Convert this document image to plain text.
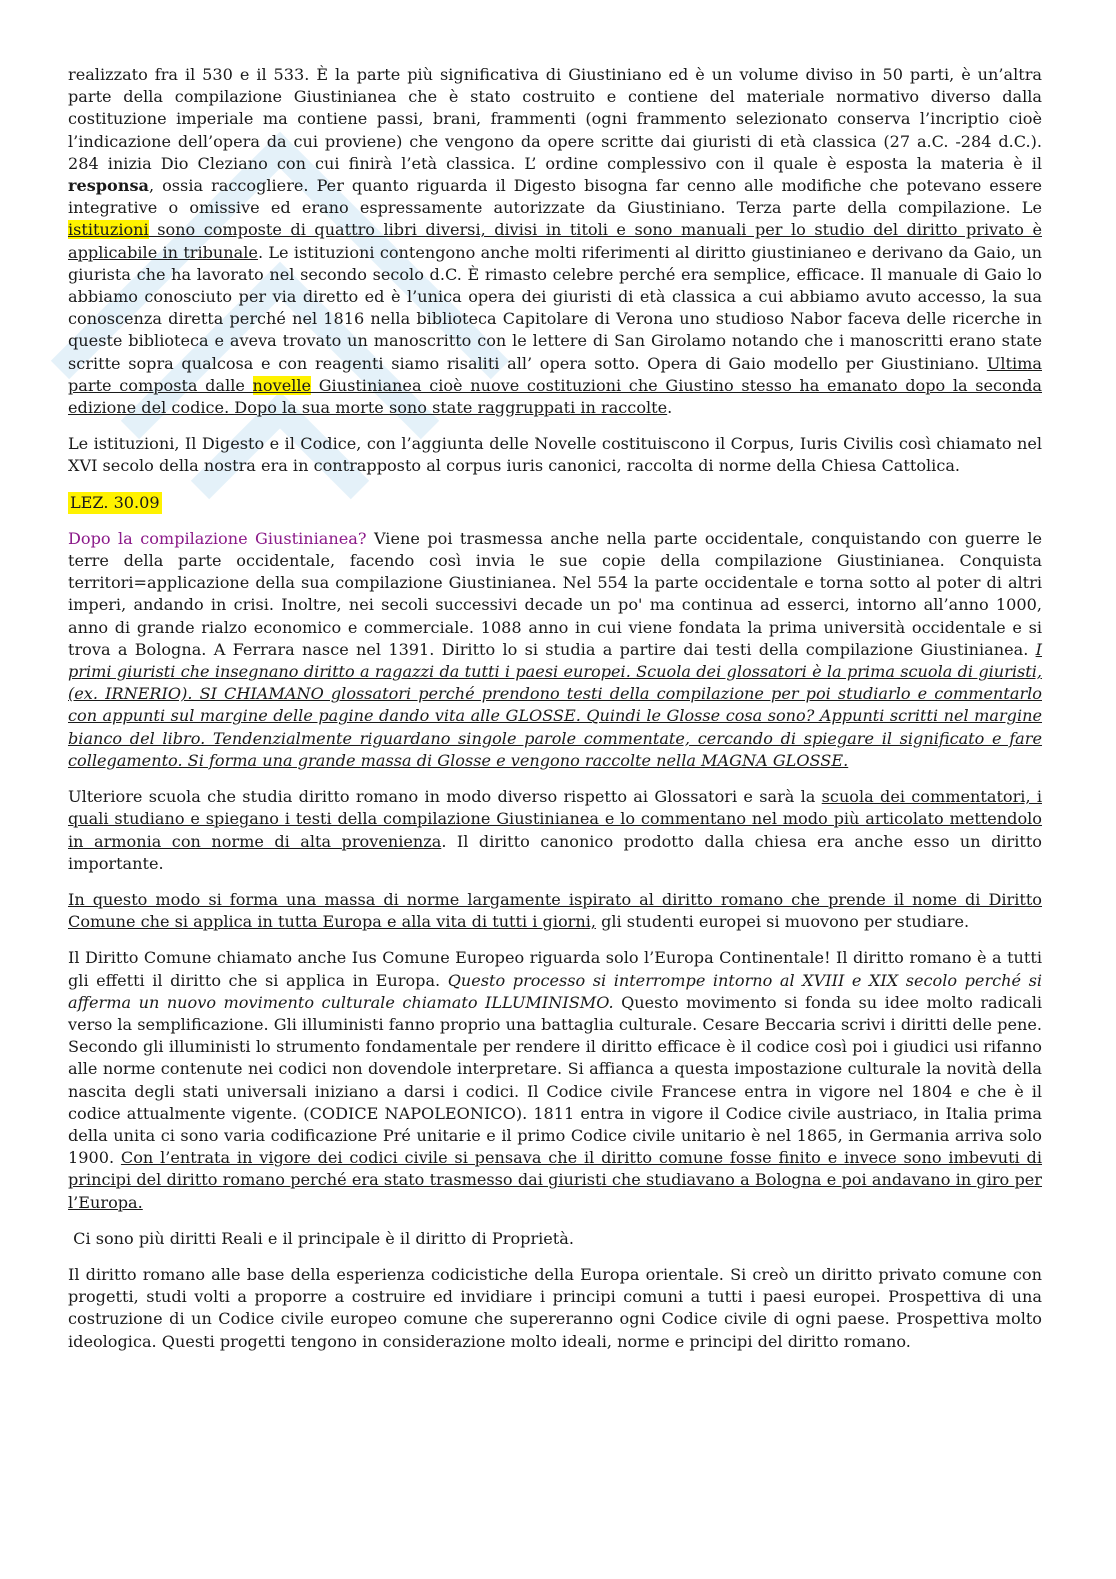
realizzato fra il 530 e il 533. È la parte più significativa di Giustiniano ed è un volume diviso in 50 parti, è un’altra parte della compilazione Giustinianea che è stato costruito e contiene del materiale normativo diverso dalla costituzione imperiale ma contiene passi, brani, frammenti (ogni frammento selezionato conserva l’incriptio cioè l’indicazione dell’opera da cui proviene) che vengono da opere scritte dai giuristi di età classica (27 a.C. -284 d.C.). 284 inizia Dio Cleziano con cui finirà l’età classica. L’ ordine complessivo con il quale è esposta la materia è il responsa, ossia raccogliere. Per quanto riguarda il Digesto bisogna far cenno alle modifiche che potevano essere integrative o omissive ed erano espressamente autorizzate da Giustiniano. Terza parte della compilazione. Le istituzioni sono composte di quattro libri diversi, divisi in titoli e sono manuali per lo studio del diritto privato è applicabile in tribunale. Le istituzioni contengono anche molti riferimenti al diritto giustinianeo e derivano da Gaio, un giurista che ha lavorato nel secondo secolo d.C. È rimasto celebre perché era semplice, efficace. Il manuale di Gaio lo abbiamo conosciuto per via diretto ed è l’unica opera dei giuristi di età classica a cui abbiamo avuto accesso, la sua conoscenza diretta perché nel 1816 nella biblioteca Capitolare di Verona uno studioso Nabor faceva delle ricerche in queste biblioteca e aveva trovato un manoscritto con le lettere di San Girolamo notando che i manoscritti erano state scritte sopra qualcosa e con reagenti siamo risaliti all’ opera sotto. Opera di Gaio modello per Giustiniano. Ultima parte composta dalle novelle Giustinianea cioè nuove costituzioni che Giustino stesso ha emanato dopo la seconda edizione del codice. Dopo la sua morte sono state raggruppati in raccolte.

Le istituzioni, Il Digesto e il Codice, con l’aggiunta delle Novelle costituiscono il Corpus, Iuris Civilis così chiamato nel XVI secolo della nostra era in contrapposto al corpus iuris canonici, raccolta di norme della Chiesa Cattolica.

LEZ. 30.09

Dopo la compilazione Giustinianea? Viene poi trasmessa anche nella parte occidentale, conquistando con guerre le terre della parte occidentale, facendo così invia le sue copie della compilazione Giustinianea. Conquista territori=applicazione della sua compilazione Giustinianea. Nel 554 la parte occidentale e torna sotto al poter di altri imperi, andando in crisi. Inoltre, nei secoli successivi decade un po' ma continua ad esserci, intorno all’anno 1000, anno di grande rialzo economico e commerciale. 1088 anno in cui viene fondata la prima università occidentale e si trova a Bologna. A Ferrara nasce nel 1391. Diritto lo si studia a partire dai testi della compilazione Giustinianea. I primi giuristi che insegnano diritto a ragazzi da tutti i paesi europei. Scuola dei glossatori è la prima scuola di giuristi, (ex. IRNERIO). SI CHIAMANO glossatori perché prendono testi della compilazione per poi studiarlo e commentarlo con appunti sul margine delle pagine dando vita alle GLOSSE. Quindi le Glosse cosa sono? Appunti scritti nel margine bianco del libro. Tendenzialmente riguardano singole parole commentate, cercando di spiegare il significato e fare collegamento. Si forma una grande massa di Glosse e vengono raccolte nella MAGNA GLOSSE.

Ulteriore scuola che studia diritto romano in modo diverso rispetto ai Glossatori e sarà la scuola dei commentatori, i quali studiano e spiegano i testi della compilazione Giustinianea e lo commentano nel modo più articolato mettendolo in armonia con norme di alta provenienza. Il diritto canonico prodotto dalla chiesa era anche esso un diritto importante.

In questo modo si forma una massa di norme largamente ispirato al diritto romano che prende il nome di Diritto Comune che si applica in tutta Europa e alla vita di tutti i giorni, gli studenti europei si muovono per studiare.

Il Diritto Comune chiamato anche Ius Comune Europeo riguarda solo l’Europa Continentale! Il diritto romano è a tutti gli effetti il diritto che si applica in Europa. Questo processo si interrompe intorno al XVIII e XIX secolo perché si afferma un nuovo movimento culturale chiamato ILLUMINISMO. Questo movimento si fonda su idee molto radicali verso la semplificazione. Gli illuministi fanno proprio una battaglia culturale. Cesare Beccaria scrivi i diritti delle pene. Secondo gli illuministi lo strumento fondamentale per rendere il diritto efficace è il codice così poi i giudici usi rifanno alle norme contenute nei codici non dovendole interpretare. Si affianca a questa impostazione culturale la novità della nascita degli stati universali iniziano a darsi i codici. Il Codice civile Francese entra in vigore nel 1804 e che è il codice attualmente vigente. (CODICE NAPOLEONICO). 1811 entra in vigore il Codice civile austriaco, in Italia prima della unita ci sono varia codificazione Pré unitarie e il primo Codice civile unitario è nel 1865, in Germania arriva solo 1900. Con l’entrata in vigore dei codici civile si pensava che il diritto comune fosse finito e invece sono imbevuti di principi del diritto romano perché era stato trasmesso dai giuristi che studiavano a Bologna e poi andavano in giro per l’Europa.

Ci sono più diritti Reali e il principale è il diritto di Proprietà.

Il diritto romano alle base della esperienza codicistiche della Europa orientale. Si creò un diritto privato comune con progetti, studi volti a proporre a costruire ed invidiare i principi comuni a tutti i paesi europei. Prospettiva di una costruzione di un Codice civile europeo comune che supereranno ogni Codice civile di ogni paese. Prospettiva molto ideologica. Questi progetti tengono in considerazione molto ideali, norme e principi del diritto romano.
